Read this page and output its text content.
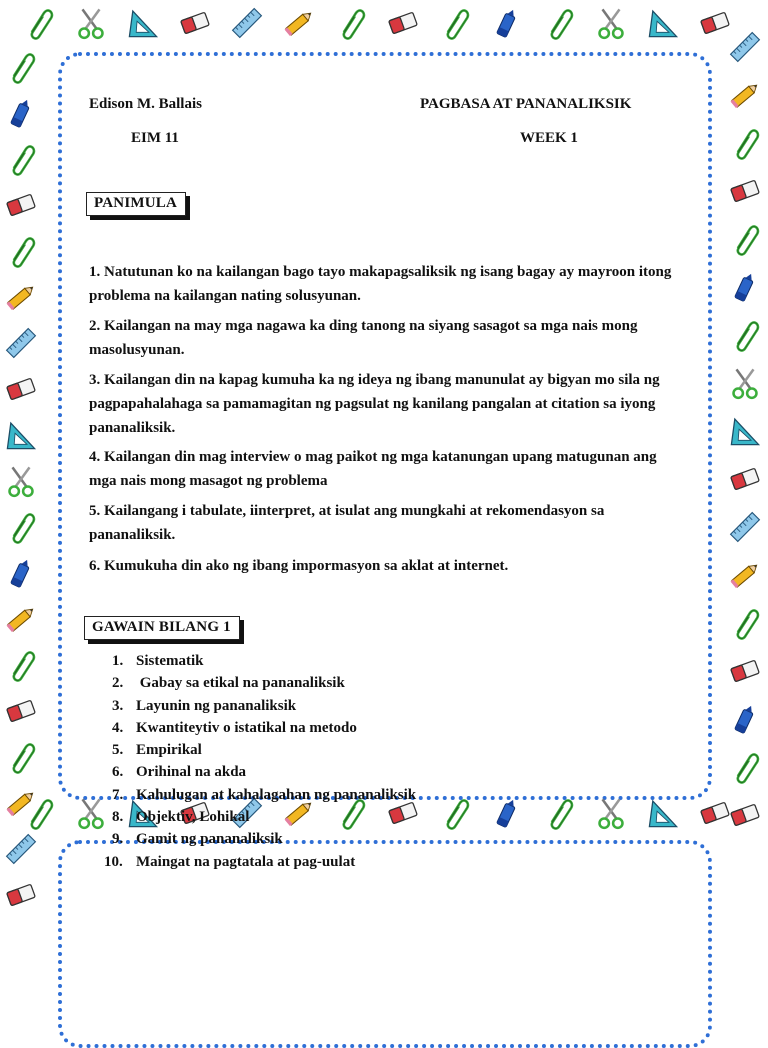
Edison M. Ballais	PAGBASA AT PANANALIKSIK
EIM 11	WEEK 1
PANIMULA
1. Natutunan ko na kailangan bago tayo makapagsaliksik ng isang bagay ay mayroon itong problema na kailangan nating solusyunan.
2. Kailangan na may mga nagawa ka ding tanong na siyang sasagot sa mga nais mong masolusyunan.
3. Kailangan din na kapag kumuha ka ng ideya ng ibang manunulat ay bigyan mo sila ng pagpapahalahaga sa pamamagitan ng pagsulat ng kanilang pangalan at citation sa iyong pananaliksik.
4. Kailangan din mag interview o mag paikot ng mga katanungan upang matugunan ang mga nais mong masagot ng problema
5. Kailangang i tabulate, iinterpret, at isulat ang mungkahi at rekomendasyon sa pananaliksik.
6. Kumukuha din ako ng ibang impormasyon sa aklat at internet.
GAWAIN BILANG 1
1. Sistematik
2. Gabay sa etikal na pananaliksik
3. Layunin ng pananaliksik
4. Kwantiteytiv o istatikal na metodo
5. Empirikal
6. Orihinal na akda
7. Kahulugan at kahalagahan ng pananaliksik
8. Objektiv, Lohikal
9. Gamit ng pananaliksik
10. Maingat na pagtatala at pag-uulat
